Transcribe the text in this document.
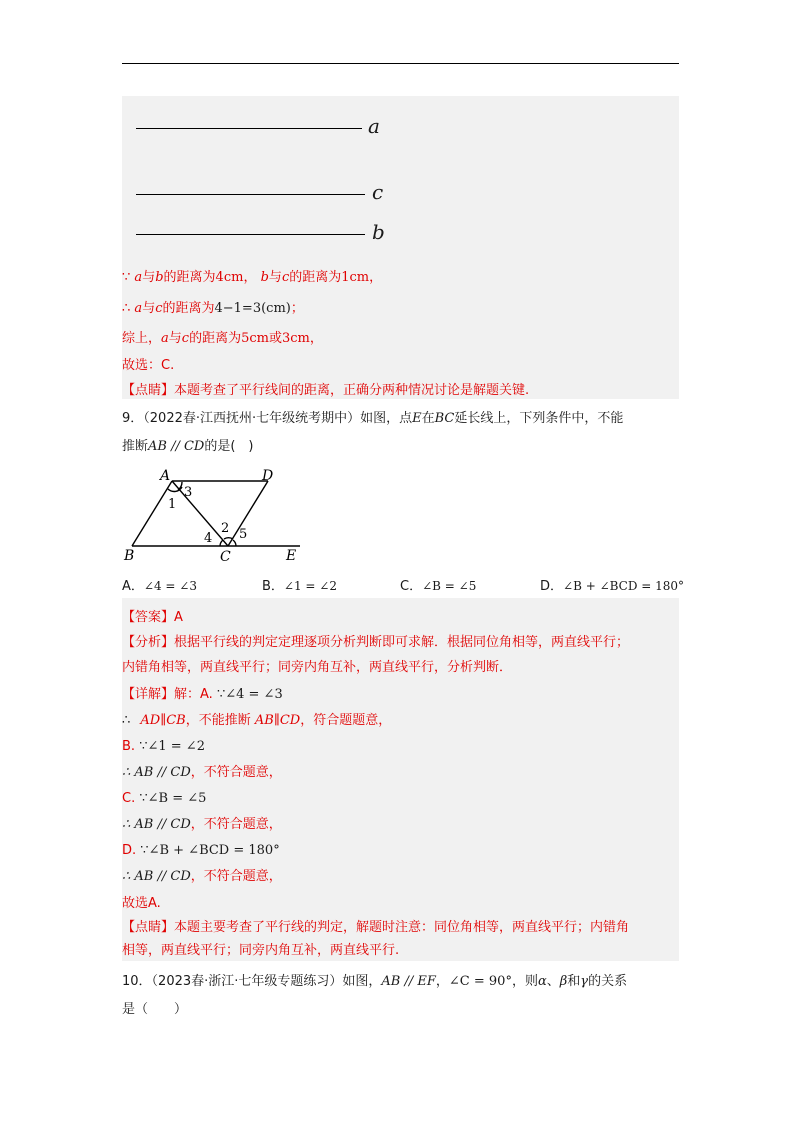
a
c
b
∵ a与b的距离为4cm， b与c的距离为1cm，
∴ a与c的距离为4−1=3(cm)；
综上，a与c的距离为5cm或3cm，
故选：C.
【点睛】本题考查了平行线间的距离，正确分两种情况讨论是解题关键.
9．（2022春·江西抚州·七年级统考期中）如图，点E在BC延长线上，下列条件中，不能
推断AB // CD的是(　)
A	D
B	C	E
1
3
2
4 5
A．∠4 = ∠3	B．∠1 = ∠2	C．∠B = ∠5	D．∠B + ∠BCD = 180°
【答案】A
【分析】根据平行线的判定定理逐项分析判断即可求解．根据同位角相等，两直线平行；
内错角相等，两直线平行；同旁内角互补，两直线平行，分析判断．
【详解】解：A. ∵∠4 = ∠3
∴ AD∥CB，不能推断 AB∥CD，符合题题意，
B. ∵∠1 = ∠2
∴ AB // CD，不符合题意，
C. ∵∠B = ∠5
∴ AB // CD，不符合题意，
D. ∵∠B + ∠BCD = 180°
∴ AB // CD，不符合题意，
故选A.
【点睛】本题主要考查了平行线的判定，解题时注意：同位角相等，两直线平行；内错角
相等，两直线平行；同旁内角互补，两直线平行.
10．（2023春·浙江·七年级专题练习）如图，AB // EF，∠C = 90°，则α、β和γ的关系
是（　　）
